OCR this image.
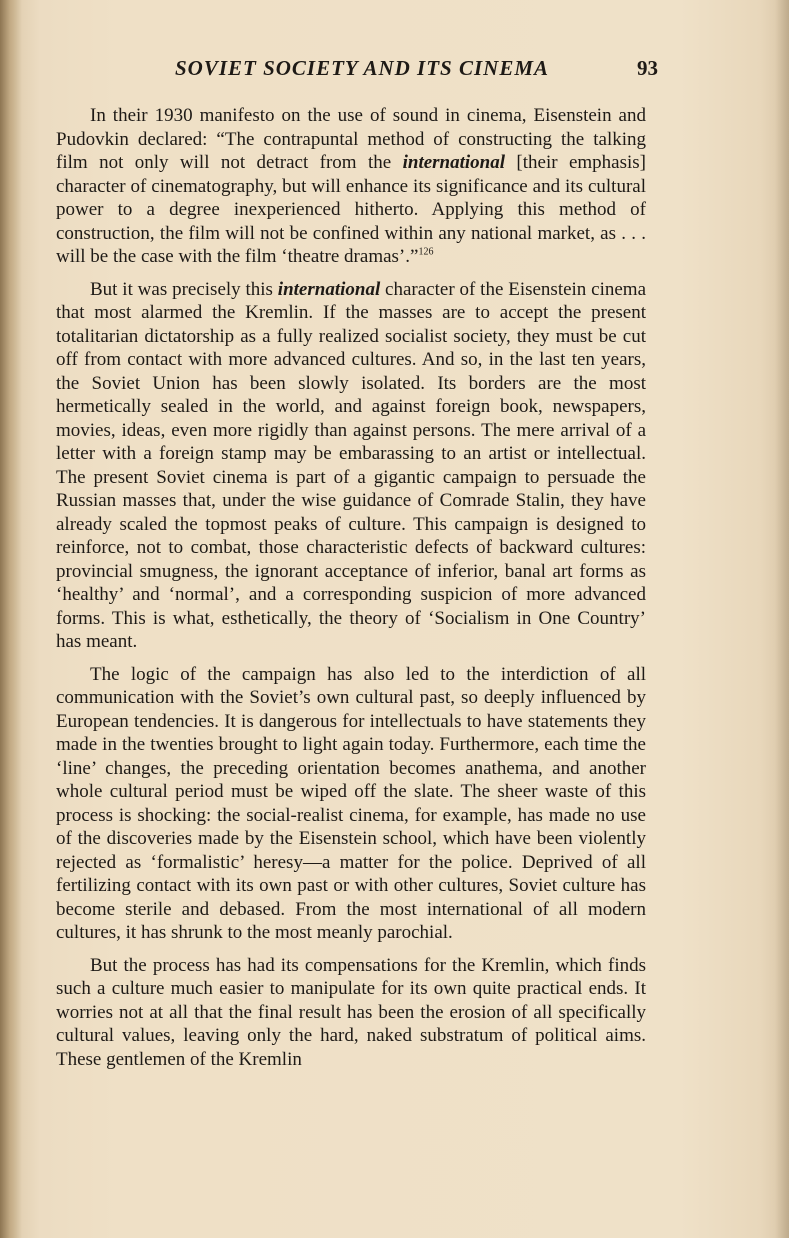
SOVIET SOCIETY AND ITS CINEMA	93

In their 1930 manifesto on the use of sound in cinema, Eisenstein and Pudovkin declared: “The contrapuntal method of constructing the talking film not only will not detract from the international [their emphasis] character of cinematography, but will enhance its significance and its cultural power to a degree inexperienced hitherto. Applying this method of construction, the film will not be confined within any national market, as . . . will be the case with the film ‘theatre dramas’.”$^{126}$

But it was precisely this international character of the Eisenstein cinema that most alarmed the Kremlin. If the masses are to accept the present totalitarian dictatorship as a fully realized socialist society, they must be cut off from contact with more advanced cultures. And so, in the last ten years, the Soviet Union has been slowly isolated. Its borders are the most hermetically sealed in the world, and against foreign book, newspapers, movies, ideas, even more rigidly than against persons. The mere arrival of a letter with a foreign stamp may be embarassing to an artist or intellectual. The present Soviet cinema is part of a gigantic campaign to persuade the Russian masses that, under the wise guidance of Comrade Stalin, they have already scaled the topmost peaks of culture. This campaign is designed to reinforce, not to combat, those characteristic defects of backward cultures: provincial smugness, the ignorant acceptance of inferior, banal art forms as ‘healthy’ and ‘normal’, and a corresponding suspicion of more advanced forms. This is what, esthetically, the theory of ‘Socialism in One Country’ has meant.

The logic of the campaign has also led to the interdiction of all communication with the Soviet’s own cultural past, so deeply influenced by European tendencies. It is dangerous for intellectuals to have statements they made in the twenties brought to light again today. Furthermore, each time the ‘line’ changes, the preceding orientation becomes anathema, and another whole cultural period must be wiped off the slate. The sheer waste of this process is shocking: the social-realist cinema, for example, has made no use of the discoveries made by the Eisenstein school, which have been violently rejected as ‘formalistic’ heresy—a matter for the police. Deprived of all fertilizing contact with its own past or with other cultures, Soviet culture has become sterile and debased. From the most international of all modern cultures, it has shrunk to the most meanly parochial.

But the process has had its compensations for the Kremlin, which finds such a culture much easier to manipulate for its own quite practical ends. It worries not at all that the final result has been the erosion of all specifically cultural values, leaving only the hard, naked substratum of political aims. These gentlemen of the Kremlin
